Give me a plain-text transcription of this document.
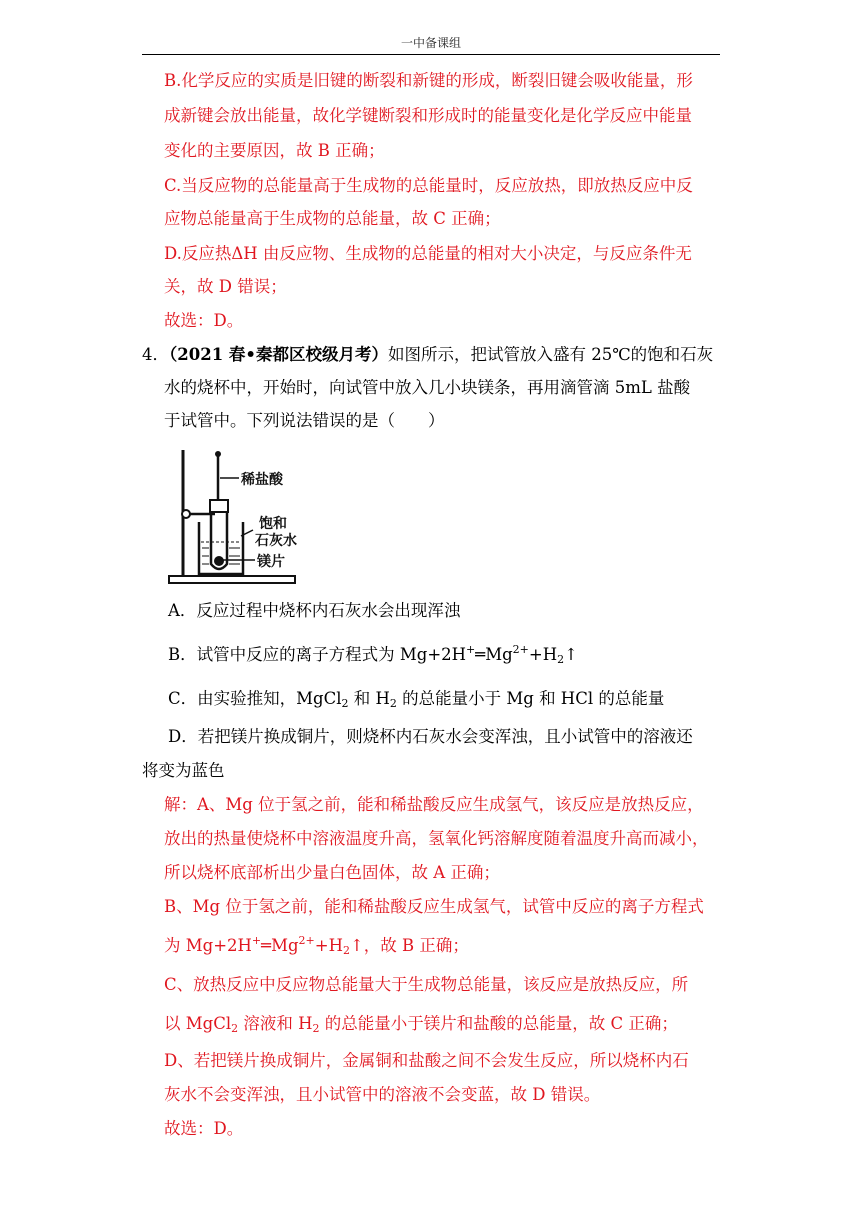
一中备课组
B.化学反应的实质是旧键的断裂和新键的形成，断裂旧键会吸收能量，形
成新键会放出能量，故化学键断裂和形成时的能量变化是化学反应中能量
变化的主要原因，故 B 正确；
C.当反应物的总能量高于生成物的总能量时，反应放热，即放热反应中反
应物总能量高于生成物的总能量，故 C 正确；
D.反应热ΔH 由反应物、生成物的总能量的相对大小决定，与反应条件无
关，故 D 错误；
故选：D。
4．（2021 春•秦都区校级月考）如图所示，把试管放入盛有 25℃的饱和石灰
水的烧杯中，开始时，向试管中放入几小块镁条，再用滴管滴 5mL 盐酸
于试管中。下列说法错误的是（　　）
稀盐酸
饱和
石灰水
镁片
A．反应过程中烧杯内石灰水会出现浑浊
B．试管中反应的离子方程式为 $Mg+2H^+═Mg^{2+}+H_2↑$
C．由实验推知，MgCl$_2$ 和 $H_2$ 的总能量小于 Mg 和 HCl 的总能量
D．若把镁片换成铜片，则烧杯内石灰水会变浑浊，且小试管中的溶液还
将变为蓝色
解：A、Mg 位于氢之前，能和稀盐酸反应生成氢气，该反应是放热反应，
放出的热量使烧杯中溶液温度升高，氢氧化钙溶解度随着温度升高而减小，
所以烧杯底部析出少量白色固体，故 A 正确；
B、Mg 位于氢之前，能和稀盐酸反应生成氢气，试管中反应的离子方程式
为 $Mg+2H^+═Mg^{2+}+H_2↑$，故 B 正确；
C、放热反应中反应物总能量大于生成物总能量，该反应是放热反应，所
以 MgCl$_2$ 溶液和 $H_2$ 的总能量小于镁片和盐酸的总能量，故 C 正确；
D、若把镁片换成铜片，金属铜和盐酸之间不会发生反应，所以烧杯内石
灰水不会变浑浊，且小试管中的溶液不会变蓝，故 D 错误。
故选：D。
